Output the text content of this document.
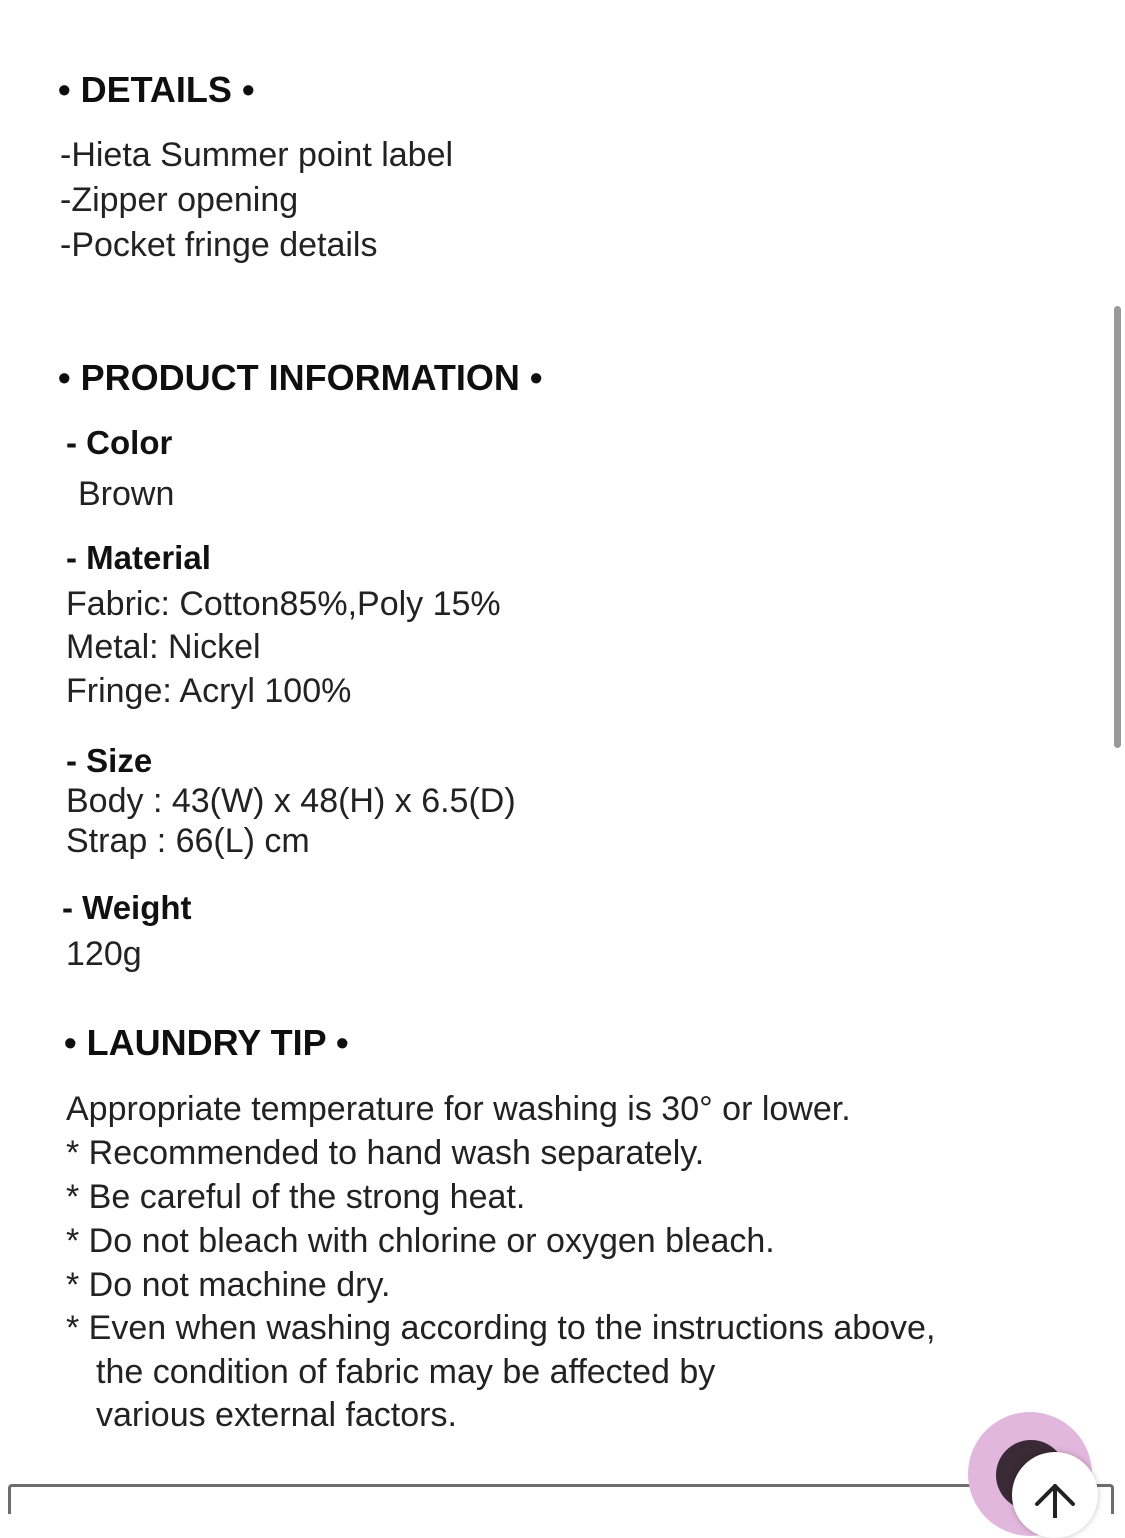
• DETAILS •
-Hieta Summer point label
-Zipper opening
-Pocket fringe details
• PRODUCT INFORMATION •
- Color
Brown
- Material
Fabric: Cotton85%,Poly 15%
Metal: Nickel
Fringe: Acryl 100%
- Size
Body : 43(W) x 48(H) x 6.5(D)
Strap : 66(L) cm
- Weight
120g
• LAUNDRY TIP •
Appropriate temperature for washing is 30° or lower.
* Recommended to hand wash separately.
* Be careful of the strong heat.
* Do not bleach with chlorine or oxygen bleach.
* Do not machine dry.
* Even when washing according to the instructions above,
the condition of fabric may be affected by
various external factors.
